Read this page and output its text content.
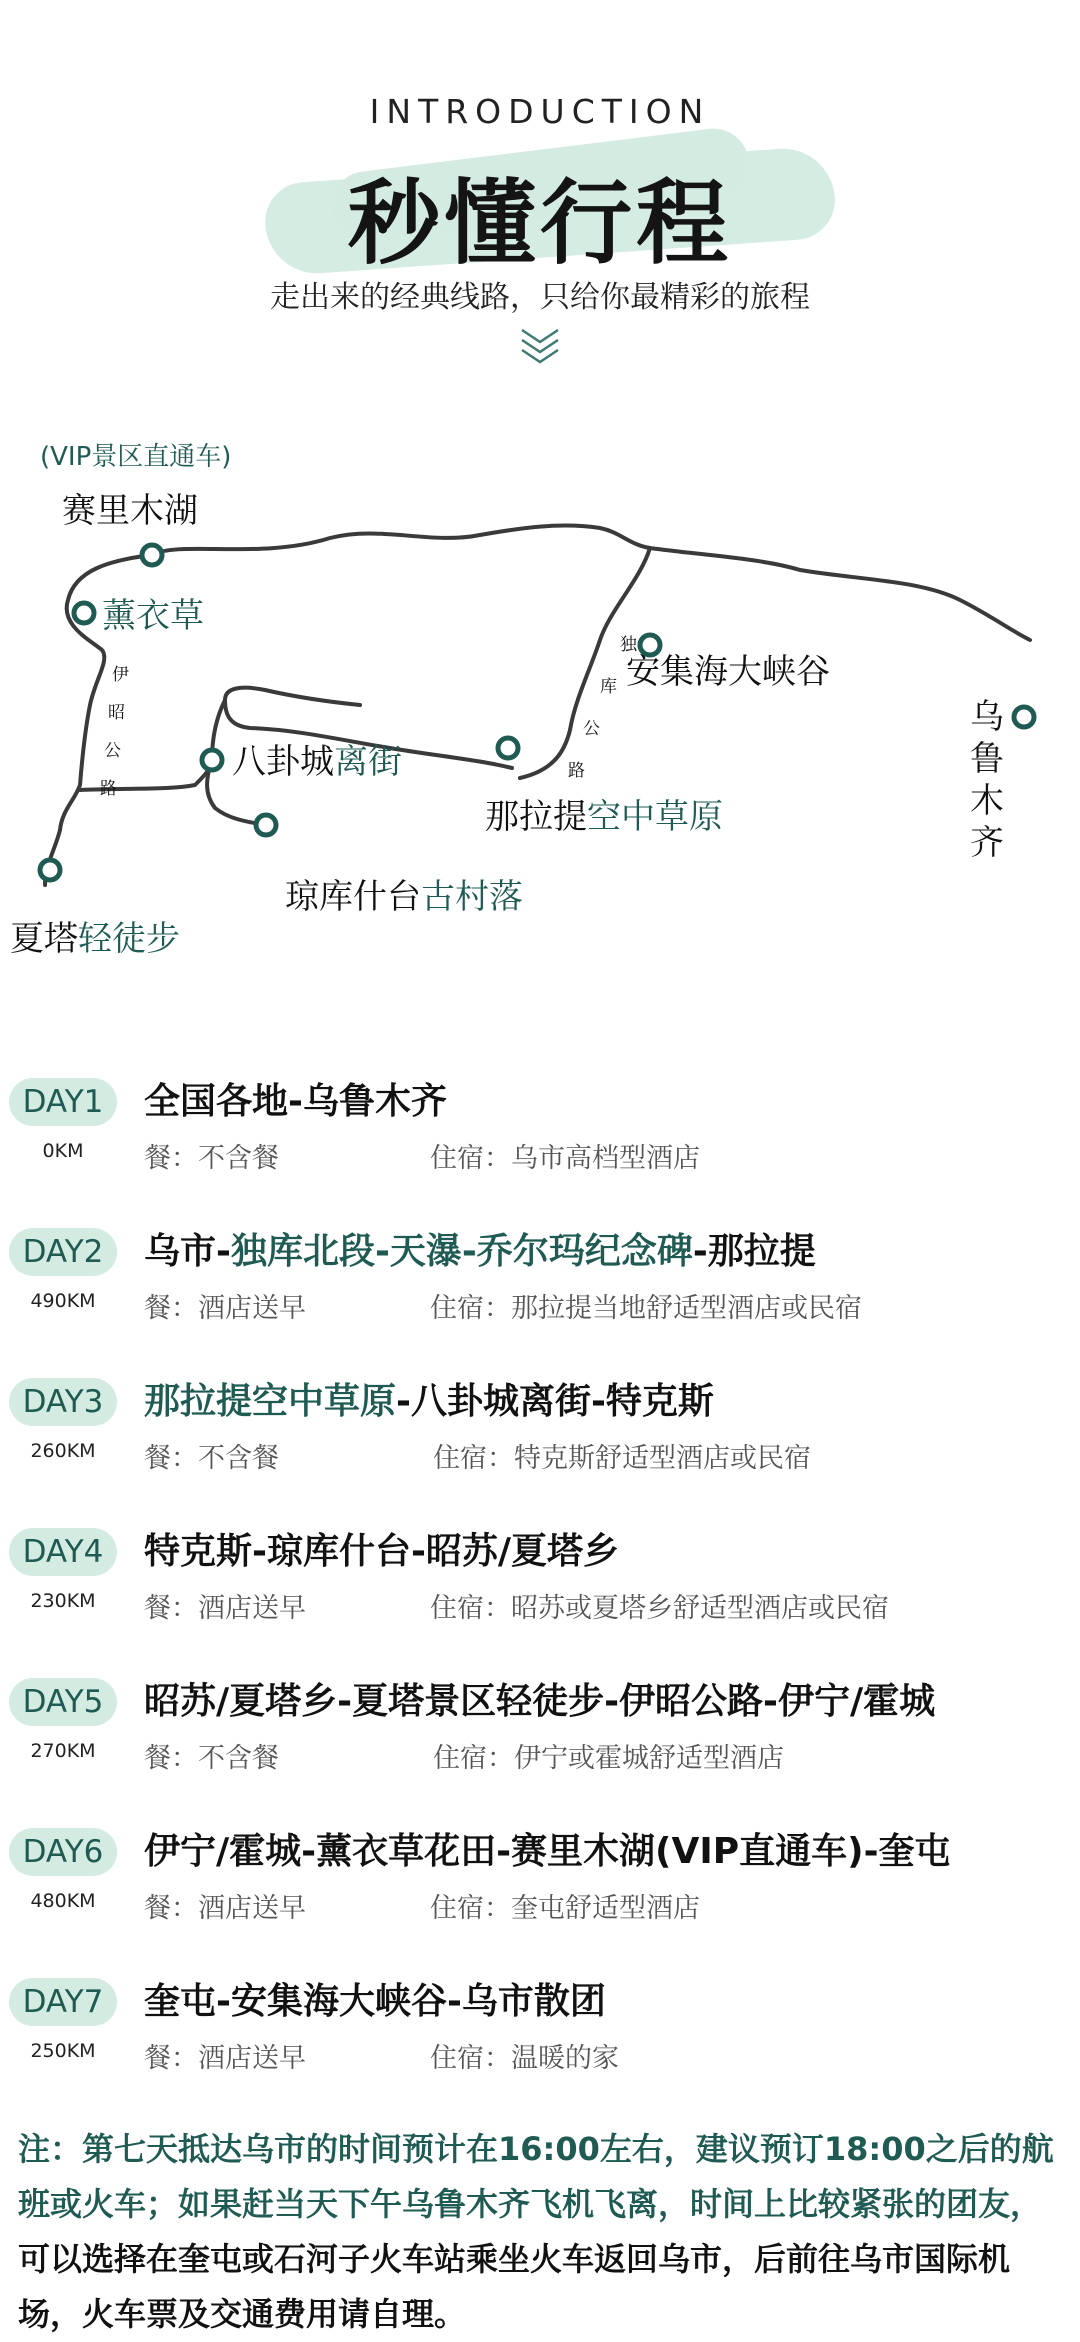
INTRODUCTION
秒懂行程
走出来的经典线路，只给你最精彩的旅程
(VIP景区直通车)
赛里木湖
薰衣草
安集海大峡谷
乌
鲁
木
齐
八卦城离街
那拉提空中草原
琼库什台古村落
夏塔轻徒步
独
库
公
路
伊
昭
公
路
DAY1
0KM
全国各地-乌鲁木齐
餐：不含餐	住宿：乌市高档型酒店
DAY2
490KM
乌市-独库北段-天瀑-乔尔玛纪念碑-那拉提
餐：酒店送早	住宿：那拉提当地舒适型酒店或民宿
DAY3
260KM
那拉提空中草原-八卦城离街-特克斯
餐：不含餐	住宿：特克斯舒适型酒店或民宿
DAY4
230KM
特克斯-琼库什台-昭苏/夏塔乡
餐：酒店送早	住宿：昭苏或夏塔乡舒适型酒店或民宿
DAY5
270KM
昭苏/夏塔乡-夏塔景区轻徒步-伊昭公路-伊宁/霍城
餐：不含餐	住宿：伊宁或霍城舒适型酒店
DAY6
480KM
伊宁/霍城-薰衣草花田-赛里木湖(VIP直通车)-奎屯
餐：酒店送早	住宿：奎屯舒适型酒店
DAY7
250KM
奎屯-安集海大峡谷-乌市散团
餐：酒店送早	住宿：温暖的家
注：第七天抵达乌市的时间预计在16:00左右，建议预订18:00之后的航班或火车；如果赶当天下午乌鲁木齐飞机飞离，时间上比较紧张的团友，可以选择在奎屯或石河子火车站乘坐火车返回乌市，后前往乌市国际机场，火车票及交通费用请自理。
